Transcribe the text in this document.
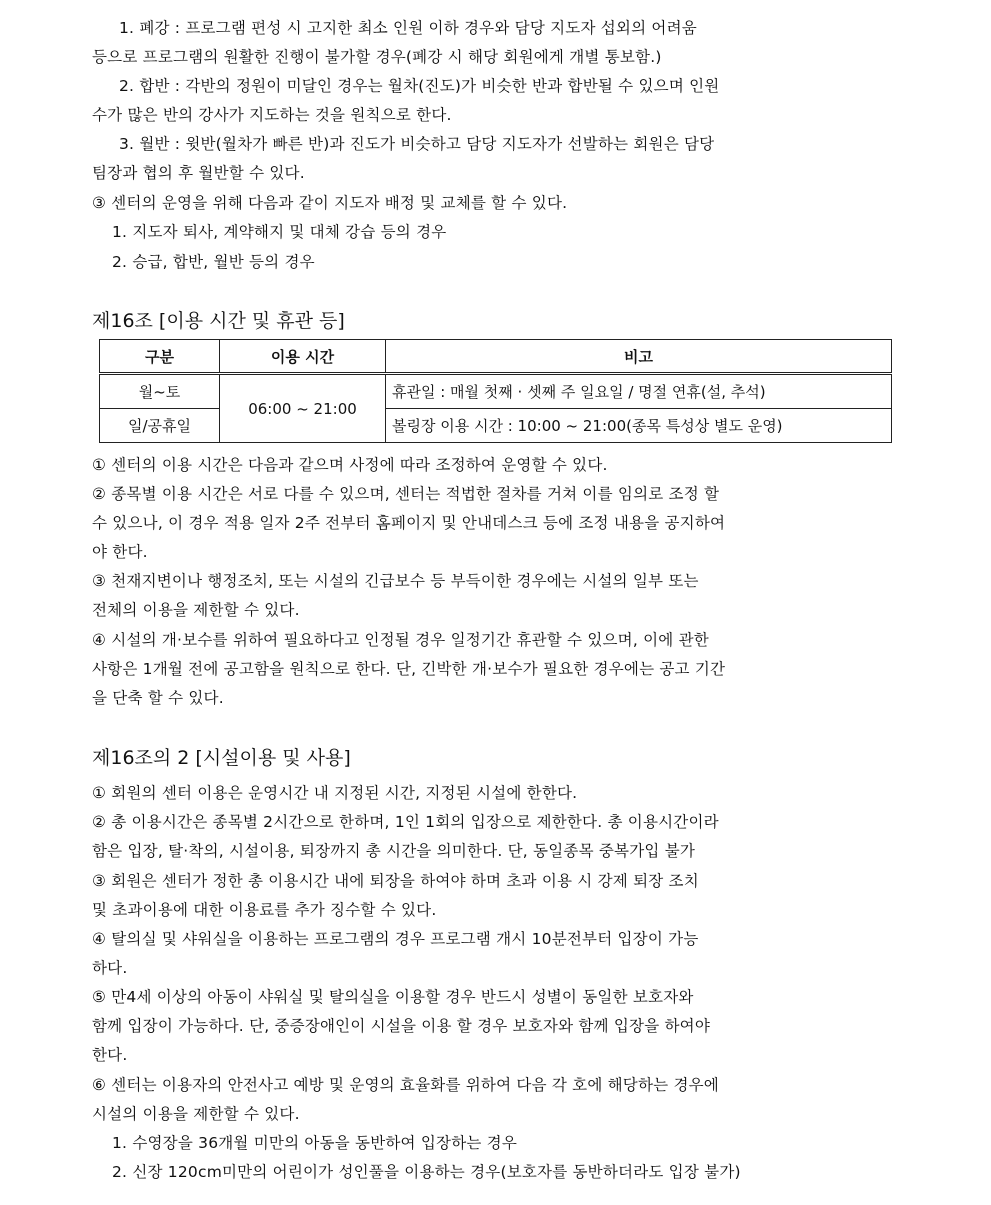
1. 폐강 : 프로그램 편성 시 고지한 최소 인원 이하 경우와 담당 지도자 섭외의 어려움
등으로 프로그램의 원활한 진행이 불가할 경우(폐강 시 해당 회원에게 개별 통보함.)
2. 합반 : 각반의 정원이 미달인 경우는 월차(진도)가 비슷한 반과 합반될 수 있으며 인원
수가 많은 반의 강사가 지도하는 것을 원칙으로 한다.
3. 월반 : 윗반(월차가 빠른 반)과 진도가 비슷하고 담당 지도자가 선발하는 회원은 담당
팀장과 협의 후 월반할 수 있다.
③ 센터의 운영을 위해 다음과 같이 지도자 배정 및 교체를 할 수 있다.
1. 지도자 퇴사, 계약해지 및 대체 강습 등의 경우
2. 승급, 합반, 월반 등의 경우
제16조 [이용 시간 및 휴관 등]
구분	이용 시간	비고
월~토	06:00 ~ 21:00	휴관일 : 매월 첫째 · 셋째 주 일요일 / 명절 연휴(설, 추석)
일/공휴일		볼링장 이용 시간 : 10:00 ~ 21:00(종목 특성상 별도 운영)
① 센터의 이용 시간은 다음과 같으며 사정에 따라 조정하여 운영할 수 있다.
② 종목별 이용 시간은 서로 다를 수 있으며, 센터는 적법한 절차를 거쳐 이를 임의로 조정 할
수 있으나, 이 경우 적용 일자 2주 전부터 홈페이지 및 안내데스크 등에 조정 내용을 공지하여
야 한다.
③ 천재지변이나 행정조치, 또는 시설의 긴급보수 등 부득이한 경우에는 시설의 일부 또는
전체의 이용을 제한할 수 있다.
④ 시설의 개·보수를 위하여 필요하다고 인정될 경우 일정기간 휴관할 수 있으며, 이에 관한
사항은 1개월 전에 공고함을 원칙으로 한다. 단, 긴박한 개·보수가 필요한 경우에는 공고 기간
을 단축 할 수 있다.
제16조의 2 [시설이용 및 사용]
① 회원의 센터 이용은 운영시간 내 지정된 시간, 지정된 시설에 한한다.
② 총 이용시간은 종목별 2시간으로 한하며, 1인 1회의 입장으로 제한한다. 총 이용시간이라
함은 입장, 탈·착의, 시설이용, 퇴장까지 총 시간을 의미한다. 단, 동일종목 중복가입 불가
③ 회원은 센터가 정한 총 이용시간 내에 퇴장을 하여야 하며 초과 이용 시 강제 퇴장 조치
및 초과이용에 대한 이용료를 추가 징수할 수 있다.
④ 탈의실 및 샤워실을 이용하는 프로그램의 경우 프로그램 개시 10분전부터 입장이 가능
하다.
⑤ 만4세 이상의 아동이 샤워실 및 탈의실을 이용할 경우 반드시 성별이 동일한 보호자와
함께 입장이 가능하다. 단, 중증장애인이 시설을 이용 할 경우 보호자와 함께 입장을 하여야
한다.
⑥ 센터는 이용자의 안전사고 예방 및 운영의 효율화를 위하여 다음 각 호에 해당하는 경우에
시설의 이용을 제한할 수 있다.
1. 수영장을 36개월 미만의 아동을 동반하여 입장하는 경우
2. 신장 120cm미만의 어린이가 성인풀을 이용하는 경우(보호자를 동반하더라도 입장 불가)
